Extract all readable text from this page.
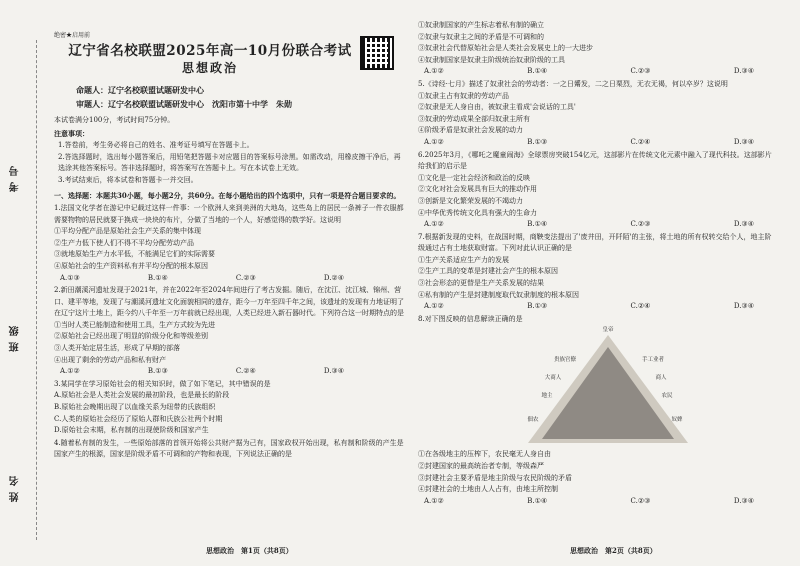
考号
班级
姓名
绝密★启用前
辽宁省名校联盟2025年高一10月份联合考试
思想政治
命题人：辽宁名校联盟试题研发中心
审题人：辽宁名校联盟试题研发中心　沈阳市第十中学　朱勋
本试卷满分100分，考试时间75分钟。
注意事项：

1.答卷前，考生务必将自己的姓名、准考证号填写在答题卡上。

2.答选择题时，选出每小题答案后，用铅笔把答题卡对应题目的答案标号涂黑。如需改动，用橡皮擦干净后，再选涂其他答案标号。答非选择题时，将答案写在答题卡上。写在本试卷上无效。

3.考试结束后，将本试卷和答题卡一并交回。

一、选择题：本题共30小题，每小题2分，共60分。在每小题给出的四个选项中，只有一项是符合题目要求的。
1.法国文化学者在游记中记载过这样一件事：一个欧洲人来到美洲的大地岛，这些岛上的居民一条裤子一件衣服都需要物物的居民就要于换成一块块的布片，分做了当地的一个人，好感觉得的数学好。这说明
①平均分配产品是原始社会生产关系的集中体现
②生产力低下使人们不得不平均分配劳动产品
③就地原始生产力水平低，不能满足它们的实际需要
④原始社会的生产资料私有并平均分配的根本原因
A.①③	B.①④	C.②③	D.②④
2.新田潮溪河遗址发现于2021年，并在2022年至2024年间进行了考古发掘。随后，在沈江、沈江城、锦州、营口、建平等地，发现了与潮溪河遗址文化面貌相同的遗存，距今一万年至四千年之间，该遗址的发现有力地证明了在辽宁这片土地上，距今约八千年至一万年前就已经出现，人类已经进入新石器时代。下列符合这一时期特点的是
①当时人类已能制造和使用工具，生产方式较为先进
②原始社会已经出现了明显的阶级分化和等级差别
③人类开始定居生活，形成了早期的部落
④出现了剩余的劳动产品和私有财产
A.①②	B.①③	C.②④	D.③④
3.某同学在学习原始社会的相关知识时，做了如下笔记，其中错误的是
A.原始社会是人类社会发展的最初阶段，也是最长的阶段
B.原始社会晚期出现了以血缘关系为纽带的氏族组织
C.人类的原始社会经历了原始人群和氏族公社两个时期
D.原始社会末期，私有制的出现使阶级和国家产生
4.随着私有制的发生，一些原始部落的首领开始将公共财产据为己有，国家政权开始出现，私有制和阶级的产生是国家产生的根源，国家是阶级矛盾不可调和的产物和表现，下列说法正确的是
思想政治　第1页（共8页）
①奴隶制国家的产生标志着私有制的确立
②奴隶与奴隶主之间的矛盾是不可调和的
③奴隶社会代替原始社会是人类社会发展史上的一大进步
④奴隶制国家是奴隶主阶级统治奴隶阶级的工具
A.①②	B.①④	C.②③	D.③④
5.《诗经·七月》描述了奴隶社会的劳动者：一之日觱发，二之日栗烈，无衣无褐，何以卒岁？这说明
①奴隶主占有奴隶的劳动产品
②奴隶是无人身自由，被奴隶主看成'会说话的工具'
③奴隶的劳动成果全部归奴隶主所有
④阶级矛盾是奴隶社会发展的动力
A.①②	B.①③	C.②④	D.③④
6.2025年3月，《哪吒之魔童闹海》全球票房突破154亿元，这部影片在传统文化元素中融入了现代科技。这部影片给我们的启示是
①文化是一定社会经济和政治的反映
②文化对社会发展具有巨大的推动作用
③创新是文化繁荣发展的不竭动力
④中华优秀传统文化具有强大的生命力
A.①②	B.①④	C.②③	D.③④
7.根据新发现的史料，在战国时期，商鞅变法提出了'废井田，开阡陌'的主张，将土地的所有权转交给个人，地主阶级通过占有土地获取财富。下列对此认识正确的是
①生产关系适应生产力的发展
②生产工具的变革是封建社会产生的根本原因
③社会形态的更替是生产关系发展的结果
④私有制的产生是封建制度取代奴隶制度的根本原因
A.①②	B.①③	C.②④	D.③④
8.对下图反映的信息解读正确的是
皇帝
贵族官僚
大商人
地主
手工业者
商人
农民
佃农	奴婢
①在各级地主的压榨下，农民毫无人身自由
②封建国家的最高统治者专制，等级森严
③封建社会主要矛盾是地主阶级与农民阶级的矛盾
④封建社会的土地由人人占有，由地主所控制
A.①②	B.①④	C.②③	D.③④
思想政治　第2页（共8页）
